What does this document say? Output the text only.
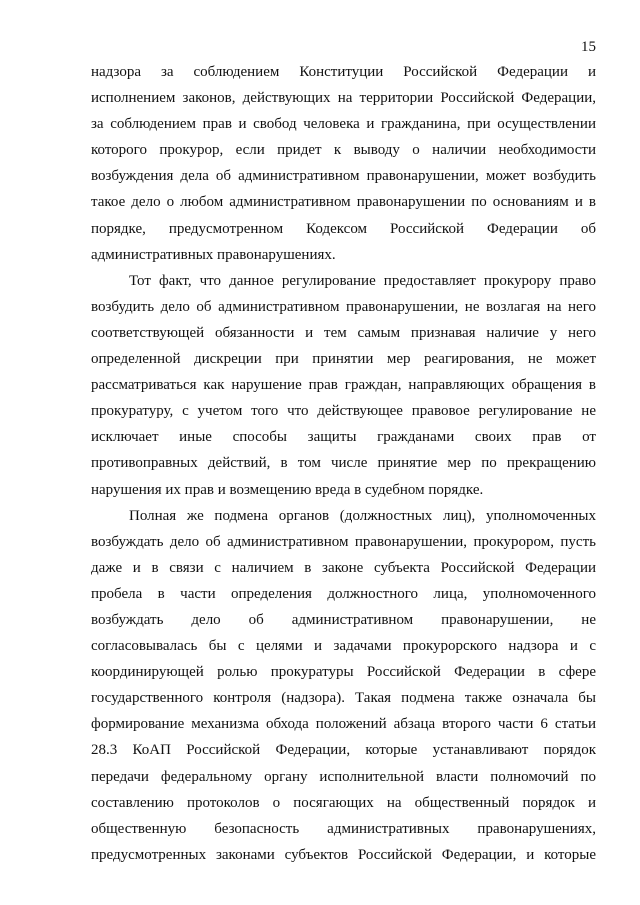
15
надзора за соблюдением Конституции Российской Федерации и
исполнением законов, действующих на территории Российской Федерации,
за соблюдением прав и свобод человека и гражданина, при осуществлении
которого прокурор, если придет к выводу о наличии необходимости
возбуждения дела об административном правонарушении, может возбудить
такое дело о любом административном правонарушении по основаниям и в
порядке, предусмотренном Кодексом Российской Федерации об
административных правонарушениях.
Тот факт, что данное регулирование предоставляет прокурору право
возбудить дело об административном правонарушении, не возлагая на него
соответствующей обязанности и тем самым признавая наличие у него
определенной дискреции при принятии мер реагирования, не может
рассматриваться как нарушение прав граждан, направляющих обращения в
прокуратуру, с учетом того что действующее правовое регулирование не
исключает иные способы защиты гражданами своих прав от
противоправных действий, в том числе принятие мер по прекращению
нарушения их прав и возмещению вреда в судебном порядке.
Полная же подмена органов (должностных лиц), уполномоченных
возбуждать дело об административном правонарушении, прокурором, пусть
даже и в связи с наличием в законе субъекта Российской Федерации
пробела в части определения должностного лица, уполномоченного
возбуждать дело об административном правонарушении, не
согласовывалась бы с целями и задачами прокурорского надзора и с
координирующей ролью прокуратуры Российской Федерации в сфере
государственного контроля (надзора). Такая подмена также означала бы
формирование механизма обхода положений абзаца второго части 6 статьи
28.3 КоАП Российской Федерации, которые устанавливают порядок
передачи федеральному органу исполнительной власти полномочий по
составлению протоколов о посягающих на общественный порядок и
общественную безопасность административных правонарушениях,
предусмотренных законами субъектов Российской Федерации, и которые
